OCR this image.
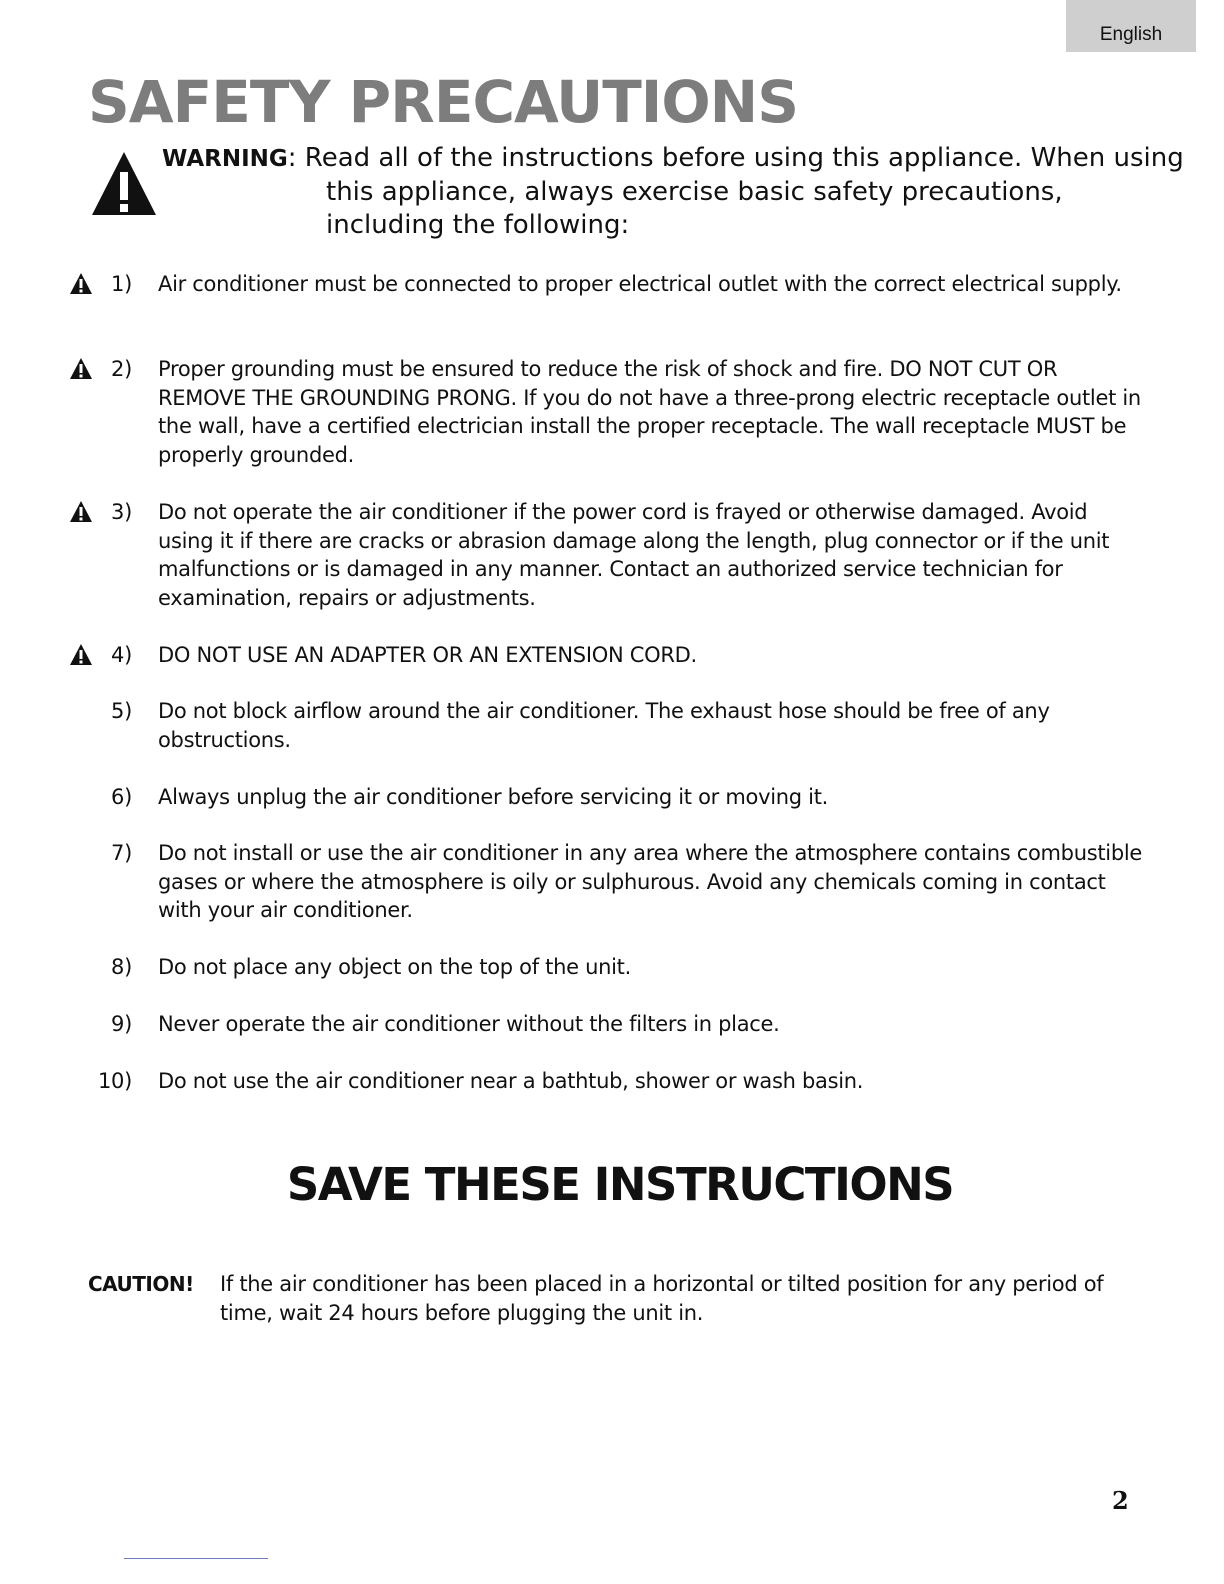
English
SAFETY PRECAUTIONS
WARNING: Read all of the instructions before using this appliance. When using
this appliance, always exercise basic safety precautions, including the following:
1) Air conditioner must be connected to proper electrical outlet with the correct electrical supply.
2) Proper grounding must be ensured to reduce the risk of shock and fire. DO NOT CUT OR REMOVE THE GROUNDING PRONG. If you do not have a three-prong electric receptacle outlet in the wall, have a certified electrician install the proper receptacle. The wall receptacle MUST be properly grounded.
3) Do not operate the air conditioner if the power cord is frayed or otherwise damaged. Avoid using it if there are cracks or abrasion damage along the length, plug connector or if the unit malfunctions or is damaged in any manner. Contact an authorized service technician for examination, repairs or adjustments.
4) DO NOT USE AN ADAPTER OR AN EXTENSION CORD.
5) Do not block airflow around the air conditioner. The exhaust hose should be free of any obstructions.
6) Always unplug the air conditioner before servicing it or moving it.
7) Do not install or use the air conditioner in any area where the atmosphere contains combustible gases or where the atmosphere is oily or sulphurous. Avoid any chemicals coming in contact with your air conditioner.
8) Do not place any object on the top of the unit.
9) Never operate the air conditioner without the filters in place.
10) Do not use the air conditioner near a bathtub, shower or wash basin.
SAVE THESE INSTRUCTIONS
CAUTION! If the air conditioner has been placed in a horizontal or tilted position for any period of time, wait 24 hours before plugging the unit in.
2
